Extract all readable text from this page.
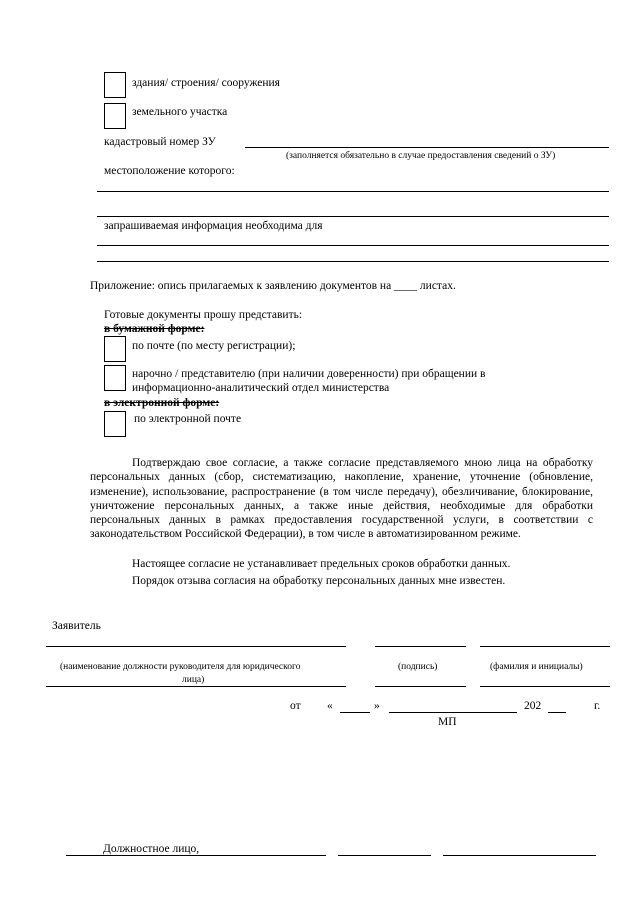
здания/ строения/ сооружения
земельного участка
кадастровый номер ЗУ
(заполняется обязательно в случае предоставления сведений о ЗУ)
местоположение которого:
запрашиваемая информация необходима для
Приложение: опись прилагаемых к заявлению документов на ____ листах.
Готовые документы прошу представить:
в бумажной форме:
по почте (по месту регистрации);
нарочно / представителю (при наличии доверенности) при обращении в
информационно-аналитический отдел министерства
в электронной форме:
по электронной почте
Подтверждаю свое согласие, а также согласие представляемого мною лица на обработку персональных данных (сбор, систематизацию, накопление, хранение, уточнение (обновление, изменение), использование, распространение (в том числе передачу), обезличивание, блокирование, уничтожение персональных данных, а также иные действия, необходимые для обработки персональных данных в рамках предоставления государственной услуги, в соответствии с законодательством Российской Федерации), в том числе в автоматизированном режиме.
Настоящее согласие не устанавливает предельных сроков обработки данных.
Порядок отзыва согласия на обработку персональных данных мне известен.
Заявитель
(наименование должности руководителя для юридического
лица)
(подпись)	(фамилия и инициалы)
от «	»	202	г.
МП
Должностное лицо,
